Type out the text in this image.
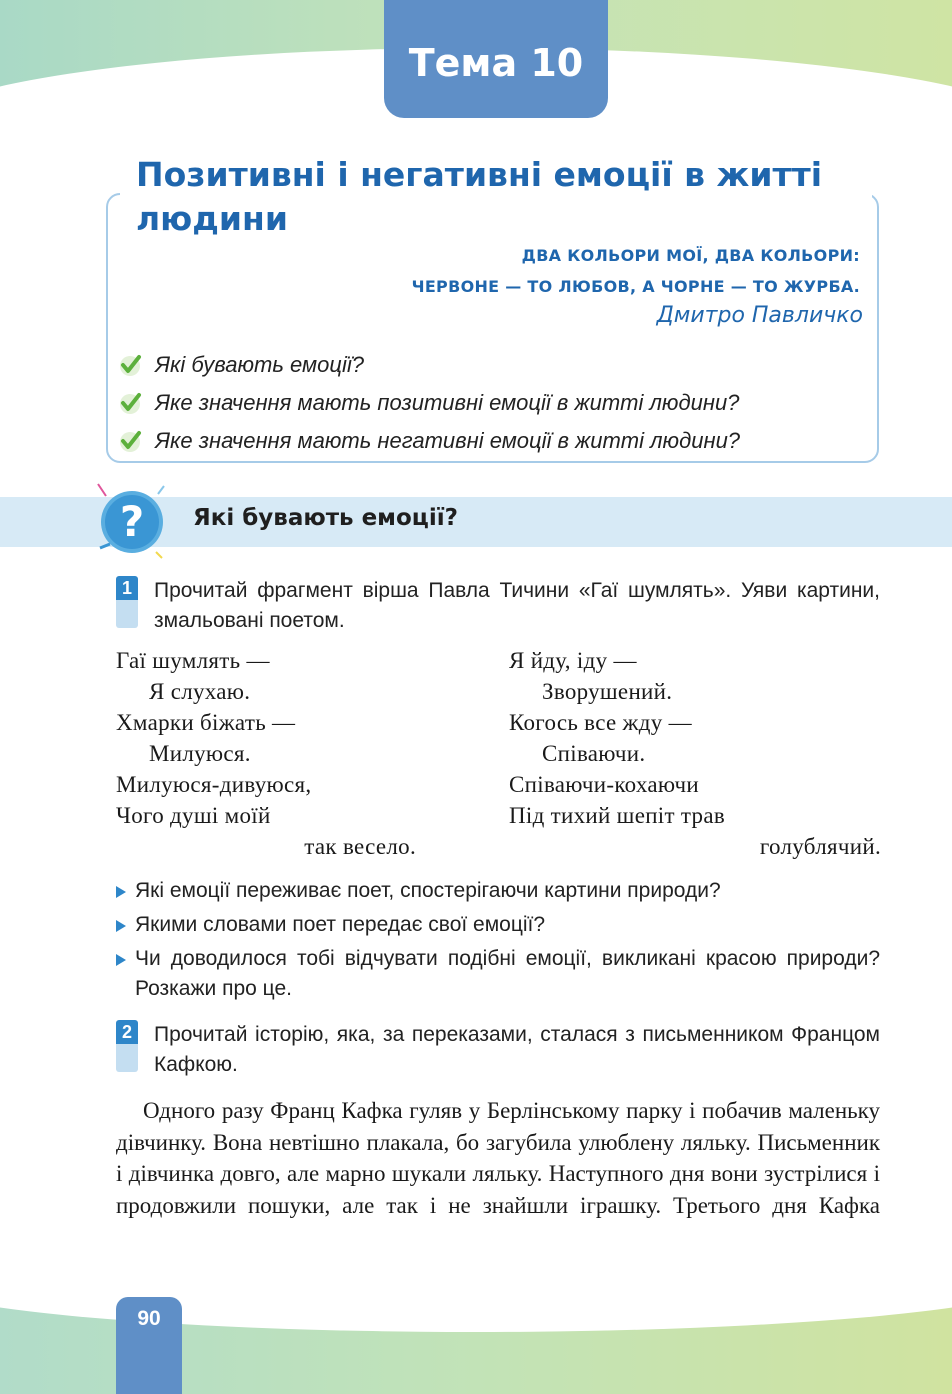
Тема 10
Позитивні і негативні емоції в житті людини
ДВА КОЛЬОРИ МОЇ, ДВА КОЛЬОРИ:
ЧЕРВОНЕ — ТО ЛЮБОВ, А ЧОРНЕ — ТО ЖУРБА.
Дмитро Павличко
Які бувають емоції?
Яке значення мають позитивні емоції в житті людини?
Яке значення мають негативні емоції в житті людини?
? Які бувають емоції?
1 Прочитай фрагмент вірша Павла Тичини «Гаї шумлять». Уяви картини, змальовані поетом.
Гаї шумлять —
Я слухаю.
Хмарки біжать —
Милуюся.
Милуюся-дивуюся,
Чого душі моїй
так весело.
Я йду, іду —
Зворушений.
Когось все жду —
Співаючи.
Співаючи-кохаючи
Під тихий шепіт трав
голублячий.
Які емоції переживає поет, спостерігаючи картини природи?
Якими словами поет передає свої емоції?
Чи доводилося тобі відчувати подібні емоції, викликані красою природи? Розкажи про це.
2 Прочитай історію, яка, за переказами, сталася з письменником Францом Кафкою.

Одного разу Франц Кафка гуляв у Берлінському парку і побачив маленьку дівчинку. Вона невтішно плакала, бо загубила улюблену ляльку. Письменник і дівчинка довго, але марно шукали ляльку. Наступного дня вони зустрілися і продовжили пошуки, але так і не знайшли іграшку. Третього дня Кафка

90
